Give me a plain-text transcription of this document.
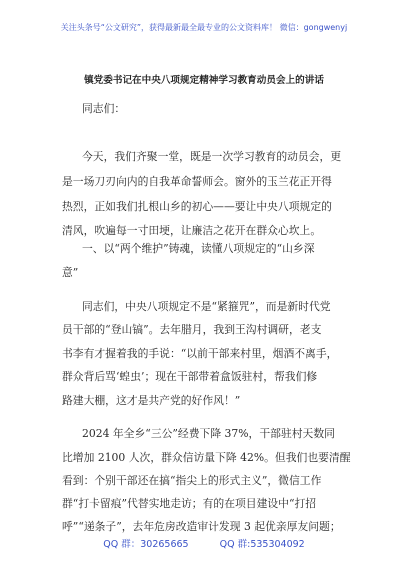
关注头条号“公文研究”，获得最新最全最专业的公文资料库！ 微信：gongwenyj
镇党委书记在中央八项规定精神学习教育动员会上的讲话
同志们：
今天，我们齐聚一堂，既是一次学习教育的动员会，更
是一场刀刃向内的自我革命誓师会。窗外的玉兰花正开得
热烈，正如我们扎根山乡的初心——要让中央八项规定的
清风，吹遍每一寸田埂，让廉洁之花开在群众心坎上。
一、以“两个维护”铸魂，读懂八项规定的“山乡深
意”
同志们，中央八项规定不是“紧箍咒”，而是新时代党
员干部的“登山镐”。去年腊月，我到王沟村调研，老支
书李有才握着我的手说：“以前干部来村里，烟酒不离手，
群众背后骂‘蝗虫’；现在干部带着盒饭驻村，帮我们修
路建大棚，这才是共产党的好作风！”
2024 年全乡“三公”经费下降 37%，干部驻村天数同
比增加 2100 人次，群众信访量下降 42%。但我们也要清醒
看到：个别干部还在搞“指尖上的形式主义”，微信工作
群“打卡留痕”代替实地走访；有的在项目建设中“打招
呼”“递条子”，去年危房改造审计发现 3 起优亲厚友问题；
QQ 群：30265665	QQ 群:535304092
